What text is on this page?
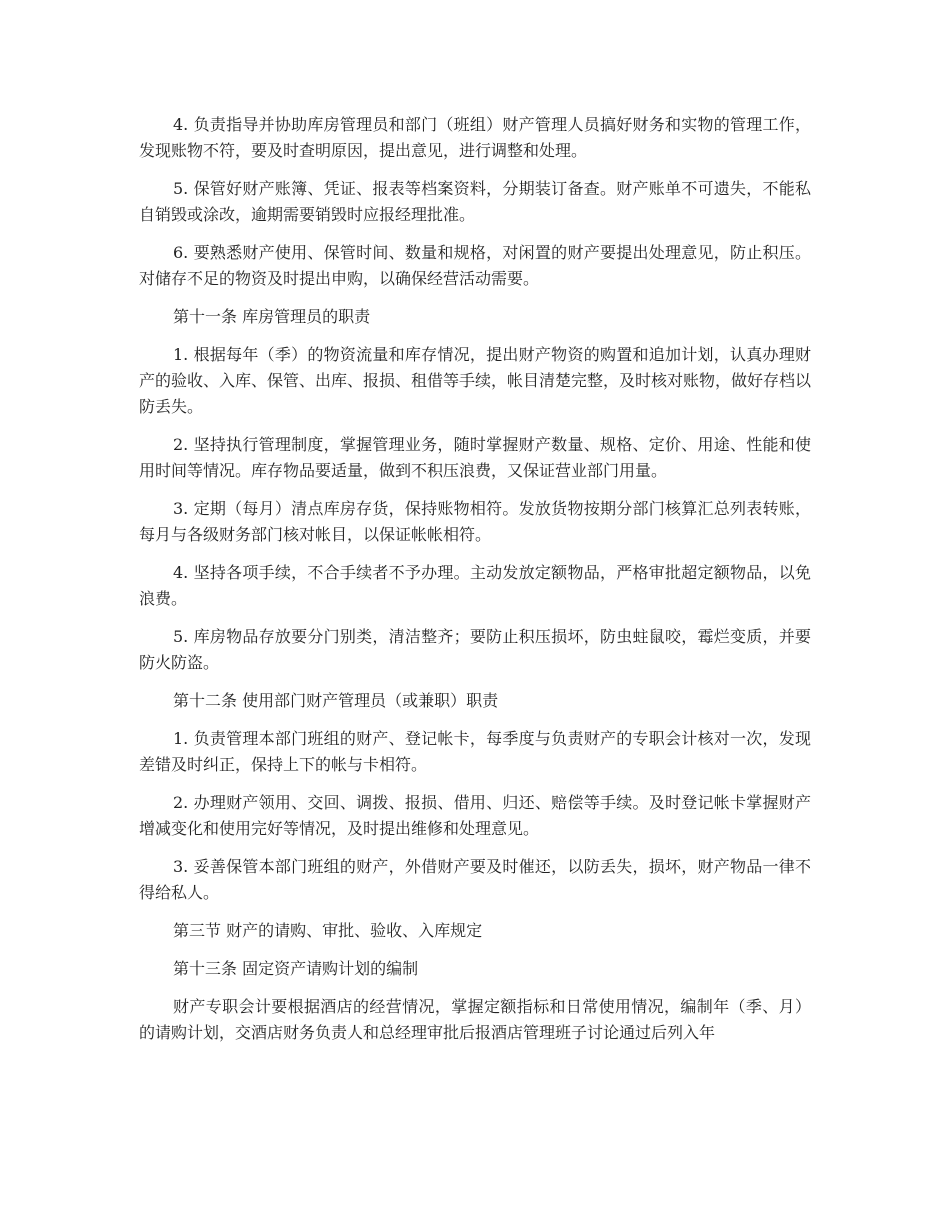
4. 负责指导并协助库房管理员和部门（班组）财产管理人员搞好财务和实物的管理工作，发现账物不符，要及时查明原因，提出意见，进行调整和处理。

5. 保管好财产账簿、凭证、报表等档案资料，分期装订备查。财产账单不可遗失，不能私自销毁或涂改，逾期需要销毁时应报经理批准。

6. 要熟悉财产使用、保管时间、数量和规格，对闲置的财产要提出处理意见，防止积压。对储存不足的物资及时提出申购，以确保经营活动需要。

第十一条 库房管理员的职责

1. 根据每年（季）的物资流量和库存情况，提出财产物资的购置和追加计划，认真办理财产的验收、入库、保管、出库、报损、租借等手续，帐目清楚完整，及时核对账物，做好存档以防丢失。

2. 坚持执行管理制度，掌握管理业务，随时掌握财产数量、规格、定价、用途、性能和使用时间等情况。库存物品要适量，做到不积压浪费，又保证营业部门用量。

3. 定期（每月）清点库房存货，保持账物相符。发放货物按期分部门核算汇总列表转账，每月与各级财务部门核对帐目，以保证帐帐相符。

4. 坚持各项手续，不合手续者不予办理。主动发放定额物品，严格审批超定额物品，以免浪费。

5. 库房物品存放要分门别类，清洁整齐；要防止积压损坏，防虫蛀鼠咬，霉烂变质，并要防火防盗。

第十二条 使用部门财产管理员（或兼职）职责

1. 负责管理本部门班组的财产、登记帐卡，每季度与负责财产的专职会计核对一次，发现差错及时纠正，保持上下的帐与卡相符。

2. 办理财产领用、交回、调拨、报损、借用、归还、赔偿等手续。及时登记帐卡掌握财产增减变化和使用完好等情况，及时提出维修和处理意见。

3. 妥善保管本部门班组的财产，外借财产要及时催还，以防丢失，损坏，财产物品一律不得给私人。

第三节 财产的请购、审批、验收、入库规定

第十三条 固定资产请购计划的编制

财产专职会计要根据酒店的经营情况，掌握定额指标和日常使用情况，编制年（季、月）的请购计划，交酒店财务负责人和总经理审批后报酒店管理班子讨论通过后列入年
